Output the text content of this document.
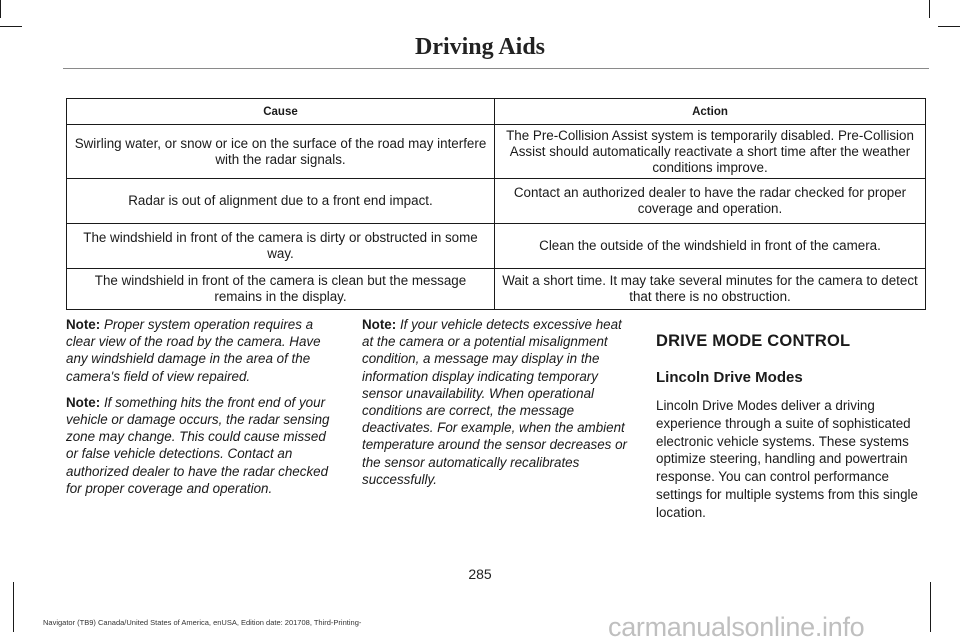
Driving Aids
Cause	Action
Swirling water, or snow or ice on the surface of the road may interfere with the radar signals.	The Pre-Collision Assist system is temporarily disabled. Pre-Collision Assist should automatically reactivate a short time after the weather conditions improve.
Radar is out of alignment due to a front end impact.	Contact an authorized dealer to have the radar checked for proper coverage and operation.
The windshield in front of the camera is dirty or obstructed in some way.	Clean the outside of the windshield in front of the camera.
The windshield in front of the camera is clean but the message remains in the display.	Wait a short time. It may take several minutes for the camera to detect that there is no obstruction.

Note: Proper system operation requires a clear view of the road by the camera. Have any windshield damage in the area of the camera's field of view repaired.

Note: If something hits the front end of your vehicle or damage occurs, the radar sensing zone may change. This could cause missed or false vehicle detections. Contact an authorized dealer to have the radar checked for proper coverage and operation.

Note: If your vehicle detects excessive heat at the camera or a potential misalignment condition, a message may display in the information display indicating temporary sensor unavailability. When operational conditions are correct, the message deactivates. For example, when the ambient temperature around the sensor decreases or the sensor automatically recalibrates successfully.

DRIVE MODE CONTROL
Lincoln Drive Modes

Lincoln Drive Modes deliver a driving experience through a suite of sophisticated electronic vehicle systems. These systems optimize steering, handling and powertrain response. You can control performance settings for multiple systems from this single location.

285
Navigator (TB9) Canada/United States of America, enUSA, Edition date: 201708, Third-Printing-	carmanualsonline.info
